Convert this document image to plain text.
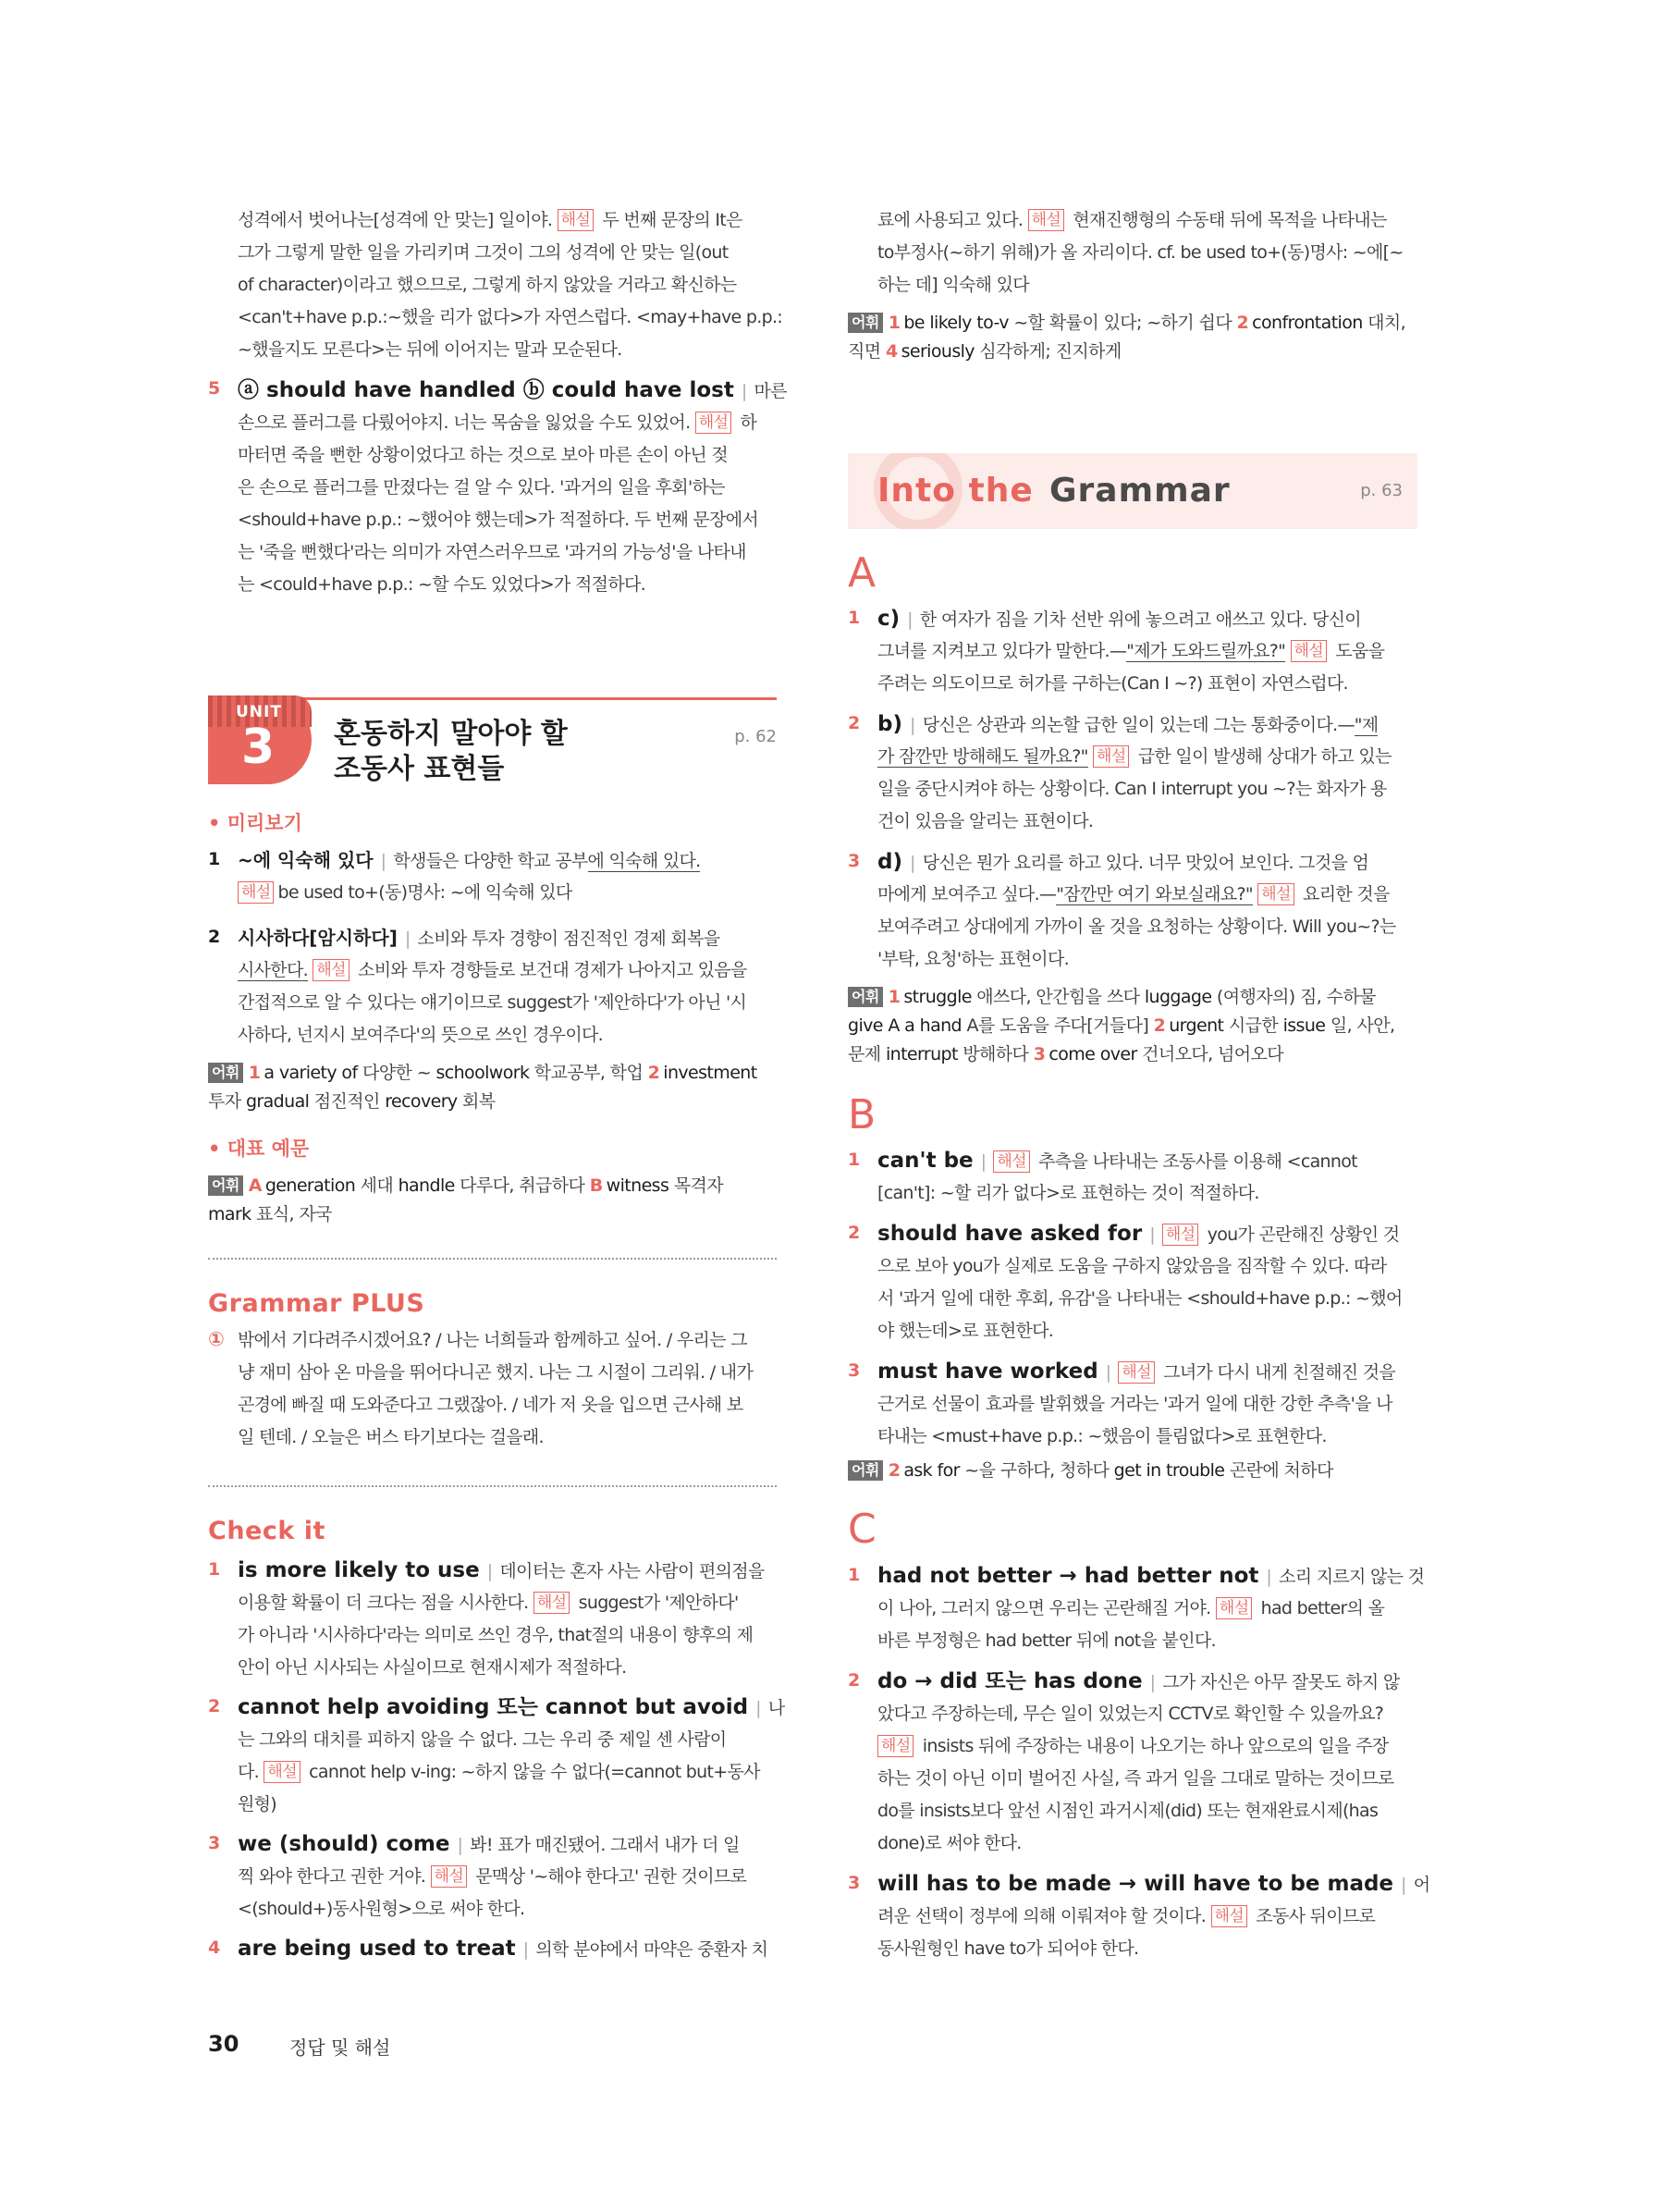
성격에서 벗어나는[성격에 안 맞는] 일이야. 해설 두 번째 문장의 It은
그가 그렇게 말한 일을 가리키며 그것이 그의 성격에 안 맞는 일(out
of character)이라고 했으므로, 그렇게 하지 않았을 거라고 확신하는
<can't+have p.p.:~했을 리가 없다>가 자연스럽다. <may+have p.p.:
~했을지도 모른다>는 뒤에 이어지는 말과 모순된다.
5 ⓐ should have handled ⓑ could have lost | 마른
손으로 플러그를 다뤘어야지. 너는 목숨을 잃었을 수도 있었어. 해설 하
마터면 죽을 뻔한 상황이었다고 하는 것으로 보아 마른 손이 아닌 젖
은 손으로 플러그를 만졌다는 걸 알 수 있다. '과거의 일을 후회'하는
<should+have p.p.: ~했어야 했는데>가 적절하다. 두 번째 문장에서
는 '죽을 뻔했다'라는 의미가 자연스러우므로 '과거의 가능성'을 나타내
는 <could+have p.p.: ~할 수도 있었다>가 적절하다.
UNIT
3 혼동하지 말아야 할
조동사 표현들
p. 62
• 미리보기
1 ~에 익숙해 있다 | 학생들은 다양한 학교 공부에 익숙해 있다.
해설 be used to+(동)명사: ~에 익숙해 있다
2 시사하다[암시하다] | 소비와 투자 경향이 점진적인 경제 회복을
시사한다. 해설 소비와 투자 경향들로 보건대 경제가 나아지고 있음을
간접적으로 알 수 있다는 얘기이므로 suggest가 '제안하다'가 아닌 '시
사하다, 넌지시 보여주다'의 뜻으로 쓰인 경우이다.
어휘 1 a variety of 다양한 ~ schoolwork 학교공부, 학업 2 investment
투자 gradual 점진적인 recovery 회복
• 대표 예문
어휘 A generation 세대 handle 다루다, 취급하다 B witness 목격자
mark 표식, 자국
Grammar PLUS
① 밖에서 기다려주시겠어요? / 나는 너희들과 함께하고 싶어. / 우리는 그
냥 재미 삼아 온 마을을 뛰어다니곤 했지. 나는 그 시절이 그리워. / 내가
곤경에 빠질 때 도와준다고 그랬잖아. / 네가 저 옷을 입으면 근사해 보
일 텐데. / 오늘은 버스 타기보다는 걸을래.
Check it
1 is more likely to use | 데이터는 혼자 사는 사람이 편의점을
이용할 확률이 더 크다는 점을 시사한다. 해설 suggest가 '제안하다'
가 아니라 '시사하다'라는 의미로 쓰인 경우, that절의 내용이 향후의 제
안이 아닌 시사되는 사실이므로 현재시제가 적절하다.
2 cannot help avoiding 또는 cannot but avoid | 나
는 그와의 대치를 피하지 않을 수 없다. 그는 우리 중 제일 센 사람이
다. 해설 cannot help v-ing: ~하지 않을 수 없다(=cannot but+동사
원형)
3 we (should) come | 봐! 표가 매진됐어. 그래서 내가 더 일
찍 와야 한다고 권한 거야. 해설 문맥상 '~해야 한다고' 권한 것이므로
<(should+)동사원형>으로 써야 한다.
4 are being used to treat | 의학 분야에서 마약은 중환자 치
료에 사용되고 있다. 해설 현재진행형의 수동태 뒤에 목적을 나타내는
to부정사(~하기 위해)가 올 자리이다. cf. be used to+(동)명사: ~에[~
하는 데] 익숙해 있다
어휘 1 be likely to-v ~할 확률이 있다; ~하기 쉽다 2 confrontation 대치,
직면 4 seriously 심각하게; 진지하게
Into the Grammar	p. 63
A
1 c) | 한 여자가 짐을 기차 선반 위에 놓으려고 애쓰고 있다. 당신이
그녀를 지켜보고 있다가 말한다.—"제가 도와드릴까요?" 해설 도움을
주려는 의도이므로 허가를 구하는(Can I ~?) 표현이 자연스럽다.
2 b) | 당신은 상관과 의논할 급한 일이 있는데 그는 통화중이다.—"제
가 잠깐만 방해해도 될까요?" 해설 급한 일이 발생해 상대가 하고 있는
일을 중단시켜야 하는 상황이다. Can I interrupt you ~?는 화자가 용
건이 있음을 알리는 표현이다.
3 d) | 당신은 뭔가 요리를 하고 있다. 너무 맛있어 보인다. 그것을 엄
마에게 보여주고 싶다.—"잠깐만 여기 와보실래요?" 해설 요리한 것을
보여주려고 상대에게 가까이 올 것을 요청하는 상황이다. Will you~?는
'부탁, 요청'하는 표현이다.
어휘 1 struggle 애쓰다, 안간힘을 쓰다 luggage (여행자의) 짐, 수하물
give A a hand A를 도움을 주다[거들다] 2 urgent 시급한 issue 일, 사안,
문제 interrupt 방해하다 3 come over 건너오다, 넘어오다
B
1 can't be | 해설 추측을 나타내는 조동사를 이용해 <cannot
[can't]: ~할 리가 없다>로 표현하는 것이 적절하다.
2 should have asked for | 해설 you가 곤란해진 상황인 것
으로 보아 you가 실제로 도움을 구하지 않았음을 짐작할 수 있다. 따라
서 '과거 일에 대한 후회, 유감'을 나타내는 <should+have p.p.: ~했어
야 했는데>로 표현한다.
3 must have worked | 해설 그녀가 다시 내게 친절해진 것을
근거로 선물이 효과를 발휘했을 거라는 '과거 일에 대한 강한 추측'을 나
타내는 <must+have p.p.: ~했음이 틀림없다>로 표현한다.
어휘 2 ask for ~을 구하다, 청하다 get in trouble 곤란에 처하다
C
1 had not better → had better not | 소리 지르지 않는 것
이 나아, 그러지 않으면 우리는 곤란해질 거야. 해설 had better의 올
바른 부정형은 had better 뒤에 not을 붙인다.
2 do → did 또는 has done | 그가 자신은 아무 잘못도 하지 않
았다고 주장하는데, 무슨 일이 있었는지 CCTV로 확인할 수 있을까요?
해설 insists 뒤에 주장하는 내용이 나오기는 하나 앞으로의 일을 주장
하는 것이 아닌 이미 벌어진 사실, 즉 과거 일을 그대로 말하는 것이므로
do를 insists보다 앞선 시점인 과거시제(did) 또는 현재완료시제(has
done)로 써야 한다.
3 will has to be made → will have to be made | 어
려운 선택이 정부에 의해 이뤄져야 할 것이다. 해설 조동사 뒤이므로
동사원형인 have to가 되어야 한다.
30	정답 및 해설
